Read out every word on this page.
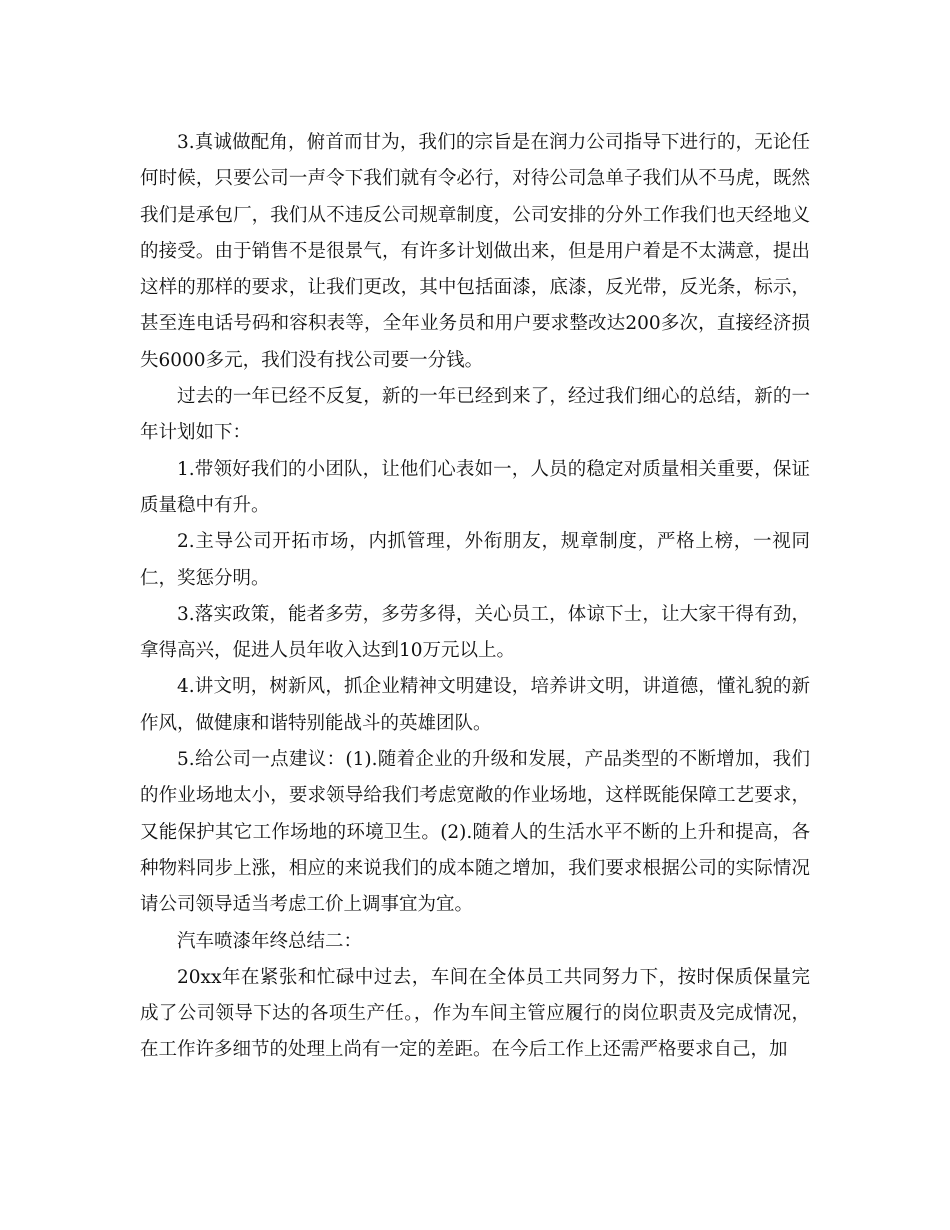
3.真诚做配角，俯首而甘为，我们的宗旨是在润力公司指导下进行的，无论任何时候，只要公司一声令下我们就有令必行，对待公司急单子我们从不马虎，既然我们是承包厂，我们从不违反公司规章制度，公司安排的分外工作我们也天经地义的接受。由于销售不是很景气，有许多计划做出来，但是用户着是不太满意，提出这样的那样的要求，让我们更改，其中包括面漆，底漆，反光带，反光条，标示，甚至连电话号码和容积表等，全年业务员和用户要求整改达200多次，直接经济损失6000多元，我们没有找公司要一分钱。

过去的一年已经不反复，新的一年已经到来了，经过我们细心的总结，新的一年计划如下：

1.带领好我们的小团队，让他们心表如一，人员的稳定对质量相关重要，保证质量稳中有升。

2.主导公司开拓市场，内抓管理，外衔朋友，规章制度，严格上榜，一视同仁，奖惩分明。

3.落实政策，能者多劳，多劳多得，关心员工，体谅下士，让大家干得有劲，拿得高兴，促进人员年收入达到10万元以上。

4.讲文明，树新风，抓企业精神文明建设，培养讲文明，讲道德，懂礼貌的新作风，做健康和谐特别能战斗的英雄团队。

5.给公司一点建议：(1).随着企业的升级和发展，产品类型的不断增加，我们的作业场地太小，要求领导给我们考虑宽敞的作业场地，这样既能保障工艺要求，又能保护其它工作场地的环境卫生。(2).随着人的生活水平不断的上升和提高，各种物料同步上涨，相应的来说我们的成本随之增加，我们要求根据公司的实际情况请公司领导适当考虑工价上调事宜为宜。

汽车喷漆年终总结二：

20xx年在紧张和忙碌中过去，车间在全体员工共同努力下，按时保质保量完成了公司领导下达的各项生产任。，作为车间主管应履行的岗位职责及完成情况，在工作许多细节的处理上尚有一定的差距。在今后工作上还需严格要求自己，加
